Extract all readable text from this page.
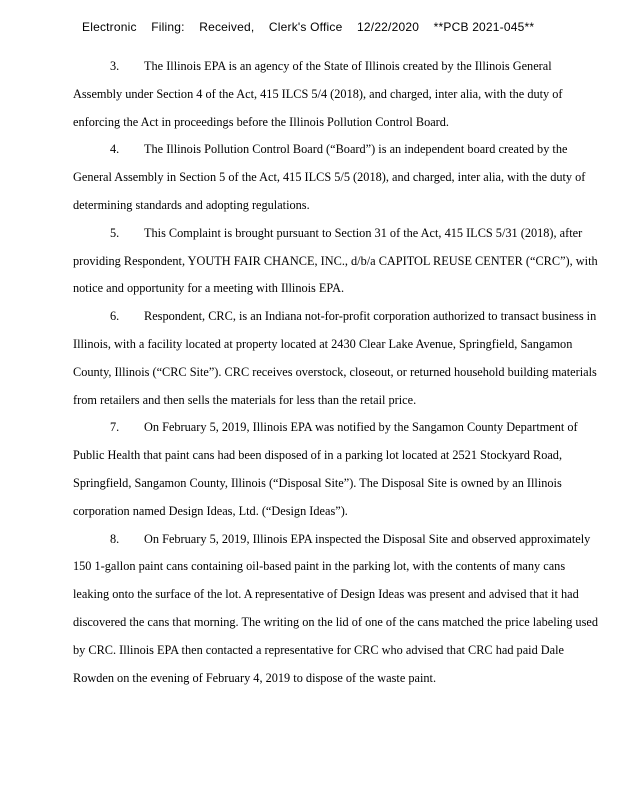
Electronic Filing: Received, Clerk's Office 12/22/2020 **PCB 2021-045**

3. The Illinois EPA is an agency of the State of Illinois created by the Illinois General Assembly under Section 4 of the Act, 415 ILCS 5/4 (2018), and charged, inter alia, with the duty of enforcing the Act in proceedings before the Illinois Pollution Control Board.

4. The Illinois Pollution Control Board (“Board”) is an independent board created by the General Assembly in Section 5 of the Act, 415 ILCS 5/5 (2018), and charged, inter alia, with the duty of determining standards and adopting regulations.

5. This Complaint is brought pursuant to Section 31 of the Act, 415 ILCS 5/31 (2018), after providing Respondent, YOUTH FAIR CHANCE, INC., d/b/a CAPITOL REUSE CENTER (“CRC”), with notice and opportunity for a meeting with Illinois EPA.

6. Respondent, CRC, is an Indiana not-for-profit corporation authorized to transact business in Illinois, with a facility located at property located at 2430 Clear Lake Avenue, Springfield, Sangamon County, Illinois (“CRC Site”). CRC receives overstock, closeout, or returned household building materials from retailers and then sells the materials for less than the retail price.

7. On February 5, 2019, Illinois EPA was notified by the Sangamon County Department of Public Health that paint cans had been disposed of in a parking lot located at 2521 Stockyard Road, Springfield, Sangamon County, Illinois (“Disposal Site”). The Disposal Site is owned by an Illinois corporation named Design Ideas, Ltd. (“Design Ideas”).

8. On February 5, 2019, Illinois EPA inspected the Disposal Site and observed approximately 150 1-gallon paint cans containing oil-based paint in the parking lot, with the contents of many cans leaking onto the surface of the lot. A representative of Design Ideas was present and advised that it had discovered the cans that morning. The writing on the lid of one of the cans matched the price labeling used by CRC. Illinois EPA then contacted a representative for CRC who advised that CRC had paid Dale Rowden on the evening of February 4, 2019 to dispose of the waste paint.
